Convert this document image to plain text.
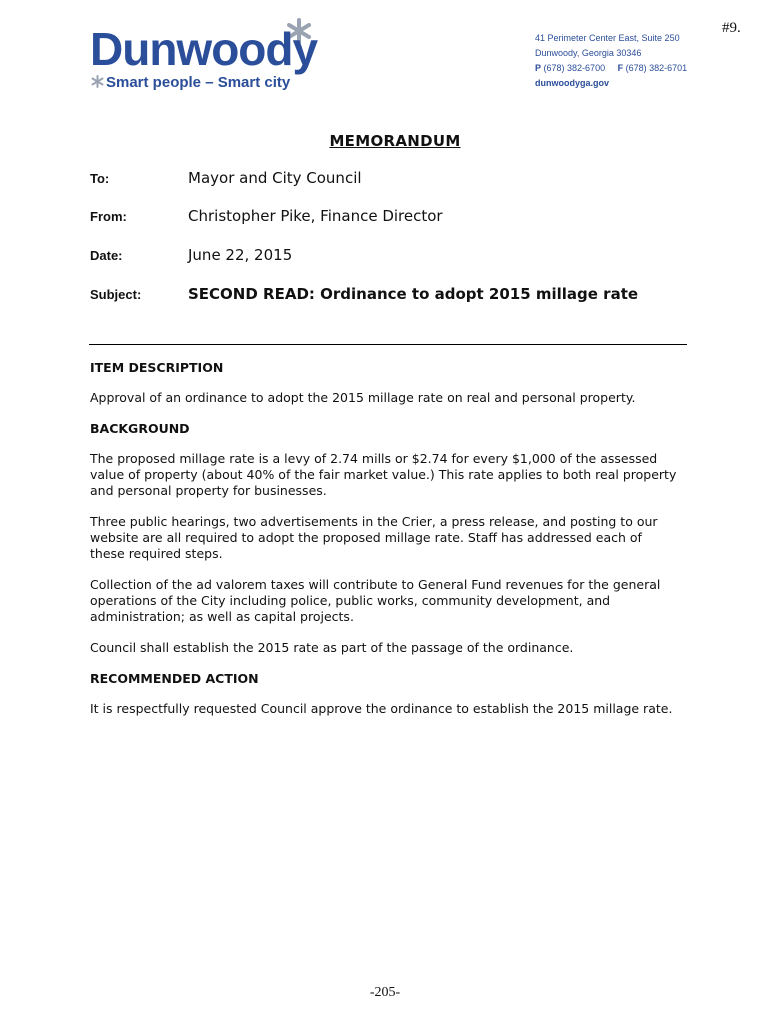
#9.
Dunwoody
Smart people – Smart city
41 Perimeter Center East, Suite 250
Dunwoody, Georgia 30346
P (678) 382-6700 F (678) 382-6701
dunwoodyga.gov
MEMORANDUM
To:	Mayor and City Council
From:	Christopher Pike, Finance Director
Date:	June 22, 2015
Subject:	SECOND READ: Ordinance to adopt 2015 millage rate
ITEM DESCRIPTION

Approval of an ordinance to adopt the 2015 millage rate on real and personal property.

BACKGROUND

The proposed millage rate is a levy of 2.74 mills or $2.74 for every $1,000 of the assessed value of property (about 40% of the fair market value.) This rate applies to both real property and personal property for businesses.

Three public hearings, two advertisements in the Crier, a press release, and posting to our website are all required to adopt the proposed millage rate. Staff has addressed each of these required steps.

Collection of the ad valorem taxes will contribute to General Fund revenues for the general operations of the City including police, public works, community development, and administration; as well as capital projects.

Council shall establish the 2015 rate as part of the passage of the ordinance.

RECOMMENDED ACTION

It is respectfully requested Council approve the ordinance to establish the 2015 millage rate.

-205-
